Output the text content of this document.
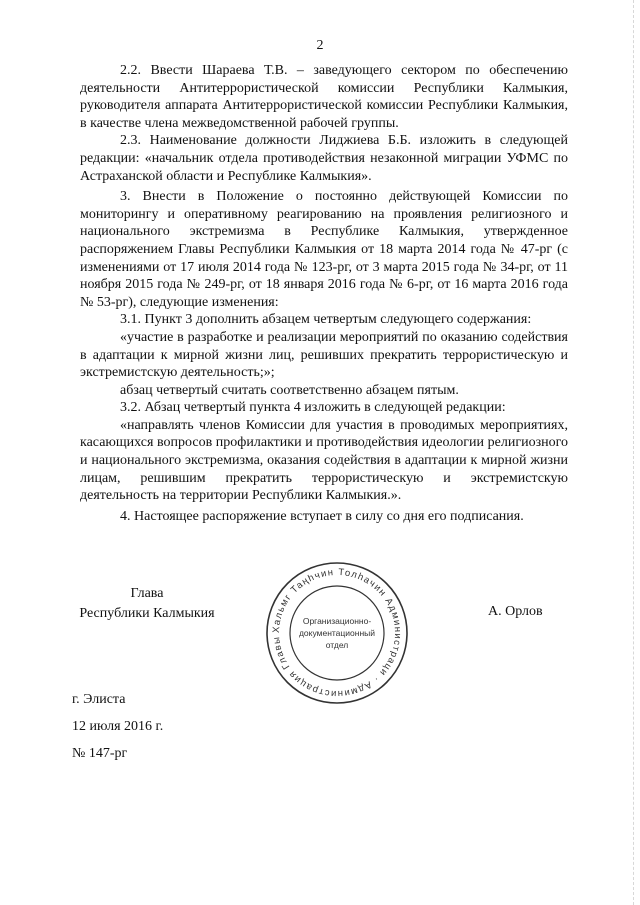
2

2.2. Ввести Шараева Т.В. – заведующего сектором по обеспечению деятельности Антитеррористической комиссии Республики Калмыкия, руководителя аппарата Антитеррористической комиссии Республики Калмыкия, в качестве члена межведомственной рабочей группы.

2.3. Наименование должности Лиджиева Б.Б. изложить в следующей редакции: «начальник отдела противодействия незаконной миграции УФМС по Астраханской области и Республике Калмыкия».

3. Внести в Положение о постоянно действующей Комиссии по мониторингу и оперативному реагированию на проявления религиозного и национального экстремизма в Республике Калмыкия, утвержденное распоряжением Главы Республики Калмыкия от 18 марта 2014 года № 47-рг (с изменениями от 17 июля 2014 года № 123-рг, от 3 марта 2015 года № 34-рг, от 11 ноября 2015 года № 249-рг, от 18 января 2016 года № 6-рг, от 16 марта 2016 года № 53-рг), следующие изменения:

3.1. Пункт 3 дополнить абзацем четвертым следующего содержания:

«участие в разработке и реализации мероприятий по оказанию содействия в адаптации к мирной жизни лиц, решивших прекратить террористическую и экстремистскую деятельность;»;

абзац четвертый считать соответственно абзацем пятым.

3.2. Абзац четвертый пункта 4 изложить в следующей редакции:

«направлять членов Комиссии для участия в проводимых мероприятиях, касающихся вопросов профилактики и противодействия идеологии религиозного и национального экстремизма, оказания содействия в адаптации к мирной жизни лицам, решившим прекратить террористическую и экстремистскую деятельность на территории Республики Калмыкия.».

4. Настоящее распоряжение вступает в силу со дня его подписания.

Глава
Республики Калмыкия
Хальмг Таңһчин Толһачин Администраци · Администрация Главы
Организационно-
документационный
отдел
А. Орлов
г. Элиста
12 июля 2016 г.
№ 147-рг
